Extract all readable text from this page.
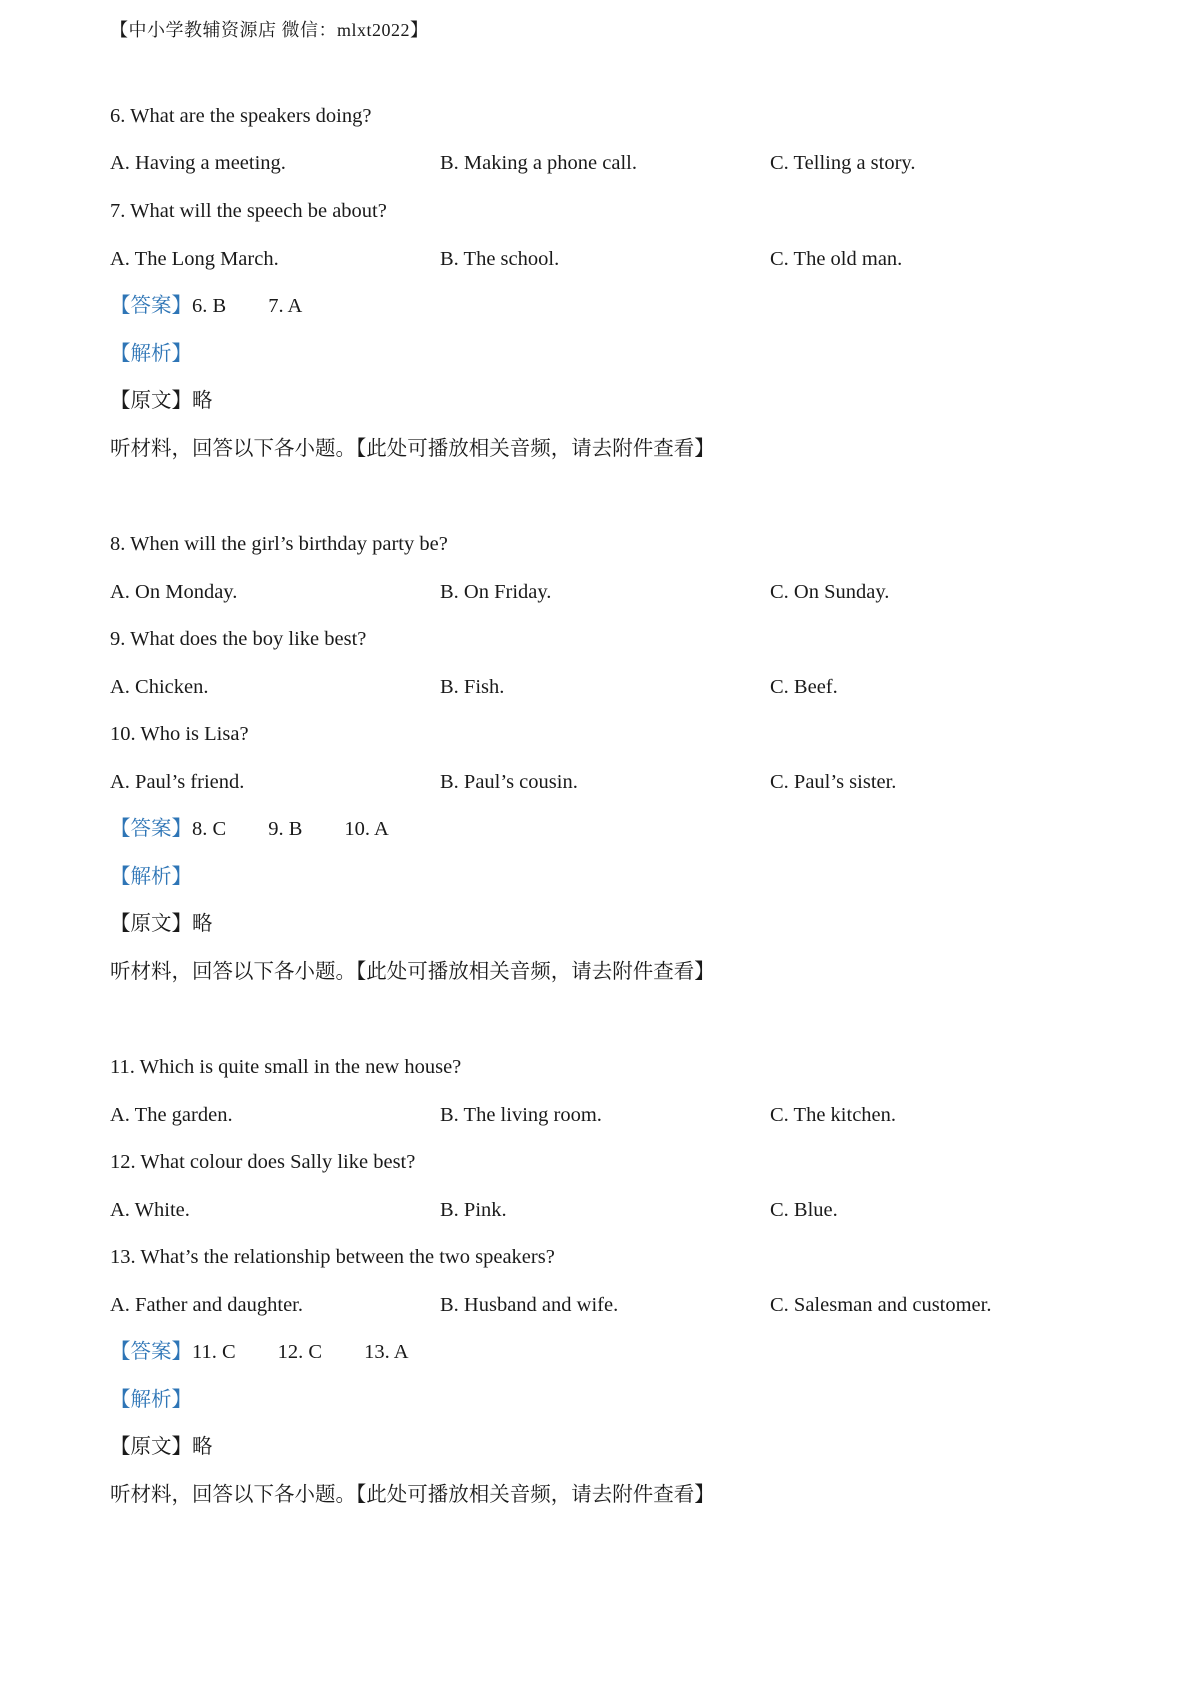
【中小学教辅资源店 微信：mlxt2022】
6. What are the speakers doing?
A. Having a meeting.	B. Making a phone call.	C. Telling a story.
7. What will the speech be about?
A. The Long March.	B. The school.	C. The old man.
【答案】6. B 7. A
【解析】
【原文】略
听材料，回答以下各小题。【此处可播放相关音频，请去附件查看】
8. When will the girl’s birthday party be?
A. On Monday.	B. On Friday.	C. On Sunday.
9. What does the boy like best?
A. Chicken.	B. Fish.	C. Beef.
10. Who is Lisa?
A. Paul’s friend.	B. Paul’s cousin.	C. Paul’s sister.
【答案】8. C 9. B 10. A
【解析】
【原文】略
听材料，回答以下各小题。【此处可播放相关音频，请去附件查看】
11. Which is quite small in the new house?
A. The garden.	B. The living room.	C. The kitchen.
12. What colour does Sally like best?
A. White.	B. Pink.	C. Blue.
13. What’s the relationship between the two speakers?
A. Father and daughter.	B. Husband and wife.	C. Salesman and customer.
【答案】11. C 12. C 13. A
【解析】
【原文】略
听材料，回答以下各小题。【此处可播放相关音频，请去附件查看】
